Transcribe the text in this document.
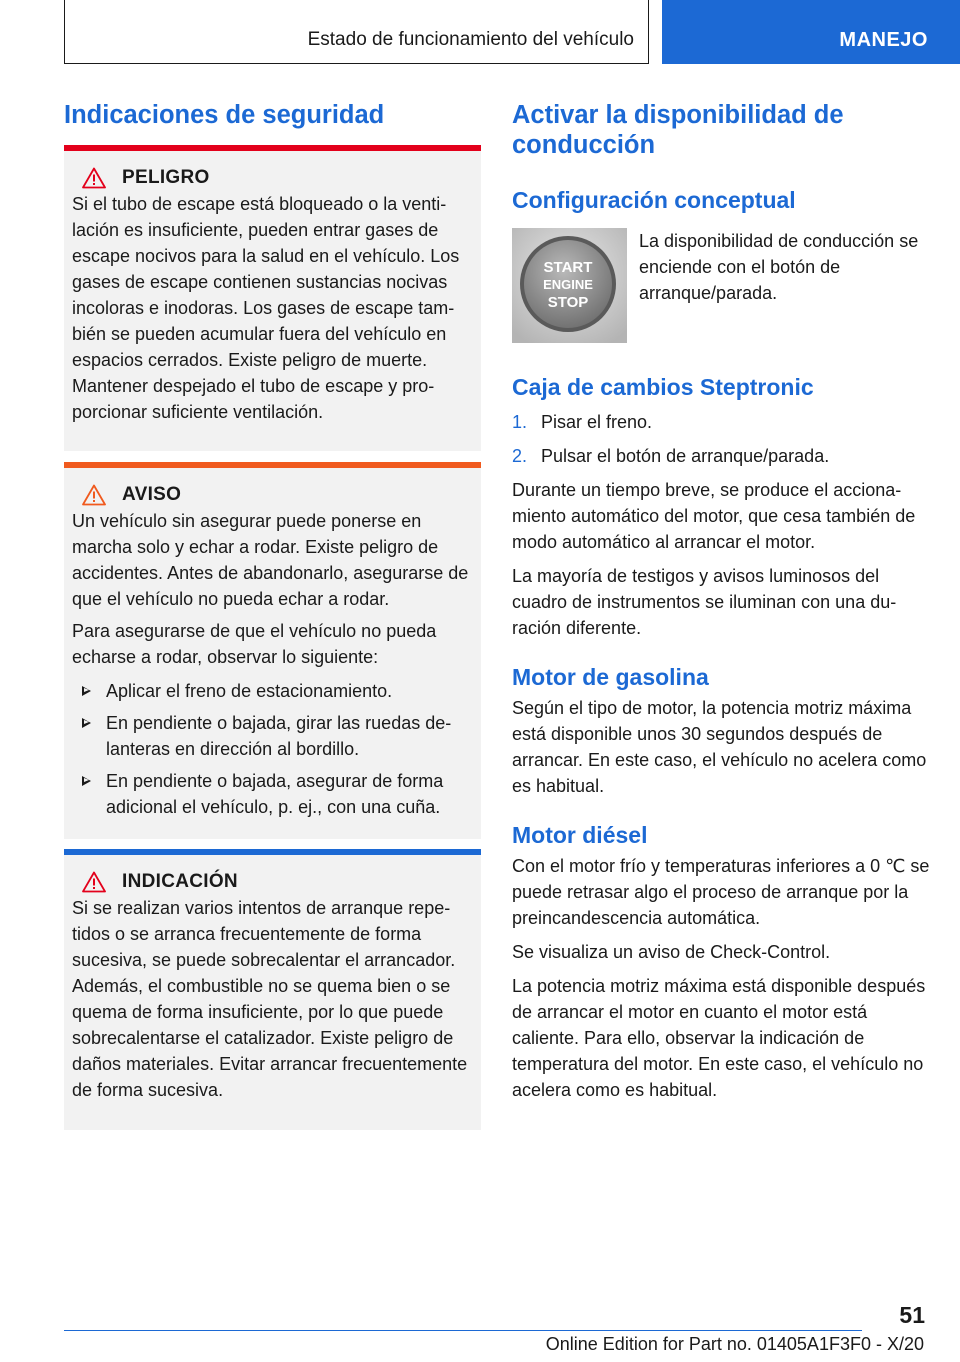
Estado de funcionamiento del vehículo	MANEJO
Indicaciones de seguridad
PELIGRO

Si el tubo de escape está bloqueado o la ventilación es insuficiente, pueden entrar gases de escape nocivos para la salud en el vehículo. Los gases de escape contienen sustancias nocivas incoloras e inodoras. Los gases de escape también se pueden acumular fuera del vehículo en espacios cerrados. Existe peligro de muerte. Mantener despejado el tubo de escape y proporcionar suficiente ventilación.

AVISO

Un vehículo sin asegurar puede ponerse en marcha solo y echar a rodar. Existe peligro de accidentes. Antes de abandonarlo, asegurarse de que el vehículo no pueda echar a rodar.

Para asegurarse de que el vehículo no pueda echarse a rodar, observar lo siguiente:

Aplicar el freno de estacionamiento.
En pendiente o bajada, girar las ruedas delanteras en dirección al bordillo.
En pendiente o bajada, asegurar de forma adicional el vehículo, p. ej., con una cuña.
INDICACIÓN

Si se realizan varios intentos de arranque repetidos o se arranca frecuentemente de forma sucesiva, se puede sobrecalentar el arrancador. Además, el combustible no se quema bien o se quema de forma insuficiente, por lo que puede sobrecalentarse el catalizador. Existe peligro de daños materiales. Evitar arrancar frecuentemente de forma sucesiva.

Activar la disponibilidad de conducción
Configuración conceptual
START
ENGINE
STOP

La disponibilidad de conducción se enciende con el botón de arranque/parada.

Caja de cambios Steptronic
1. Pisar el freno.
2. Pulsar el botón de arranque/parada.

Durante un tiempo breve, se produce el accionamiento automático del motor, que cesa también de modo automático al arrancar el motor.

La mayoría de testigos y avisos luminosos del cuadro de instrumentos se iluminan con una duración diferente.

Motor de gasolina

Según el tipo de motor, la potencia motriz máxima está disponible unos 30 segundos después de arrancar. En este caso, el vehículo no acelera como es habitual.

Motor diésel

Con el motor frío y temperaturas inferiores a 0 ℃ se puede retrasar algo el proceso de arranque por la preincandescencia automática.

Se visualiza un aviso de Check-Control.

La potencia motriz máxima está disponible después de arrancar el motor en cuanto el motor está caliente. Para ello, observar la indicación de temperatura del motor. En este caso, el vehículo no acelera como es habitual.

51
Online Edition for Part no. 01405A1F3F0 - X/20
